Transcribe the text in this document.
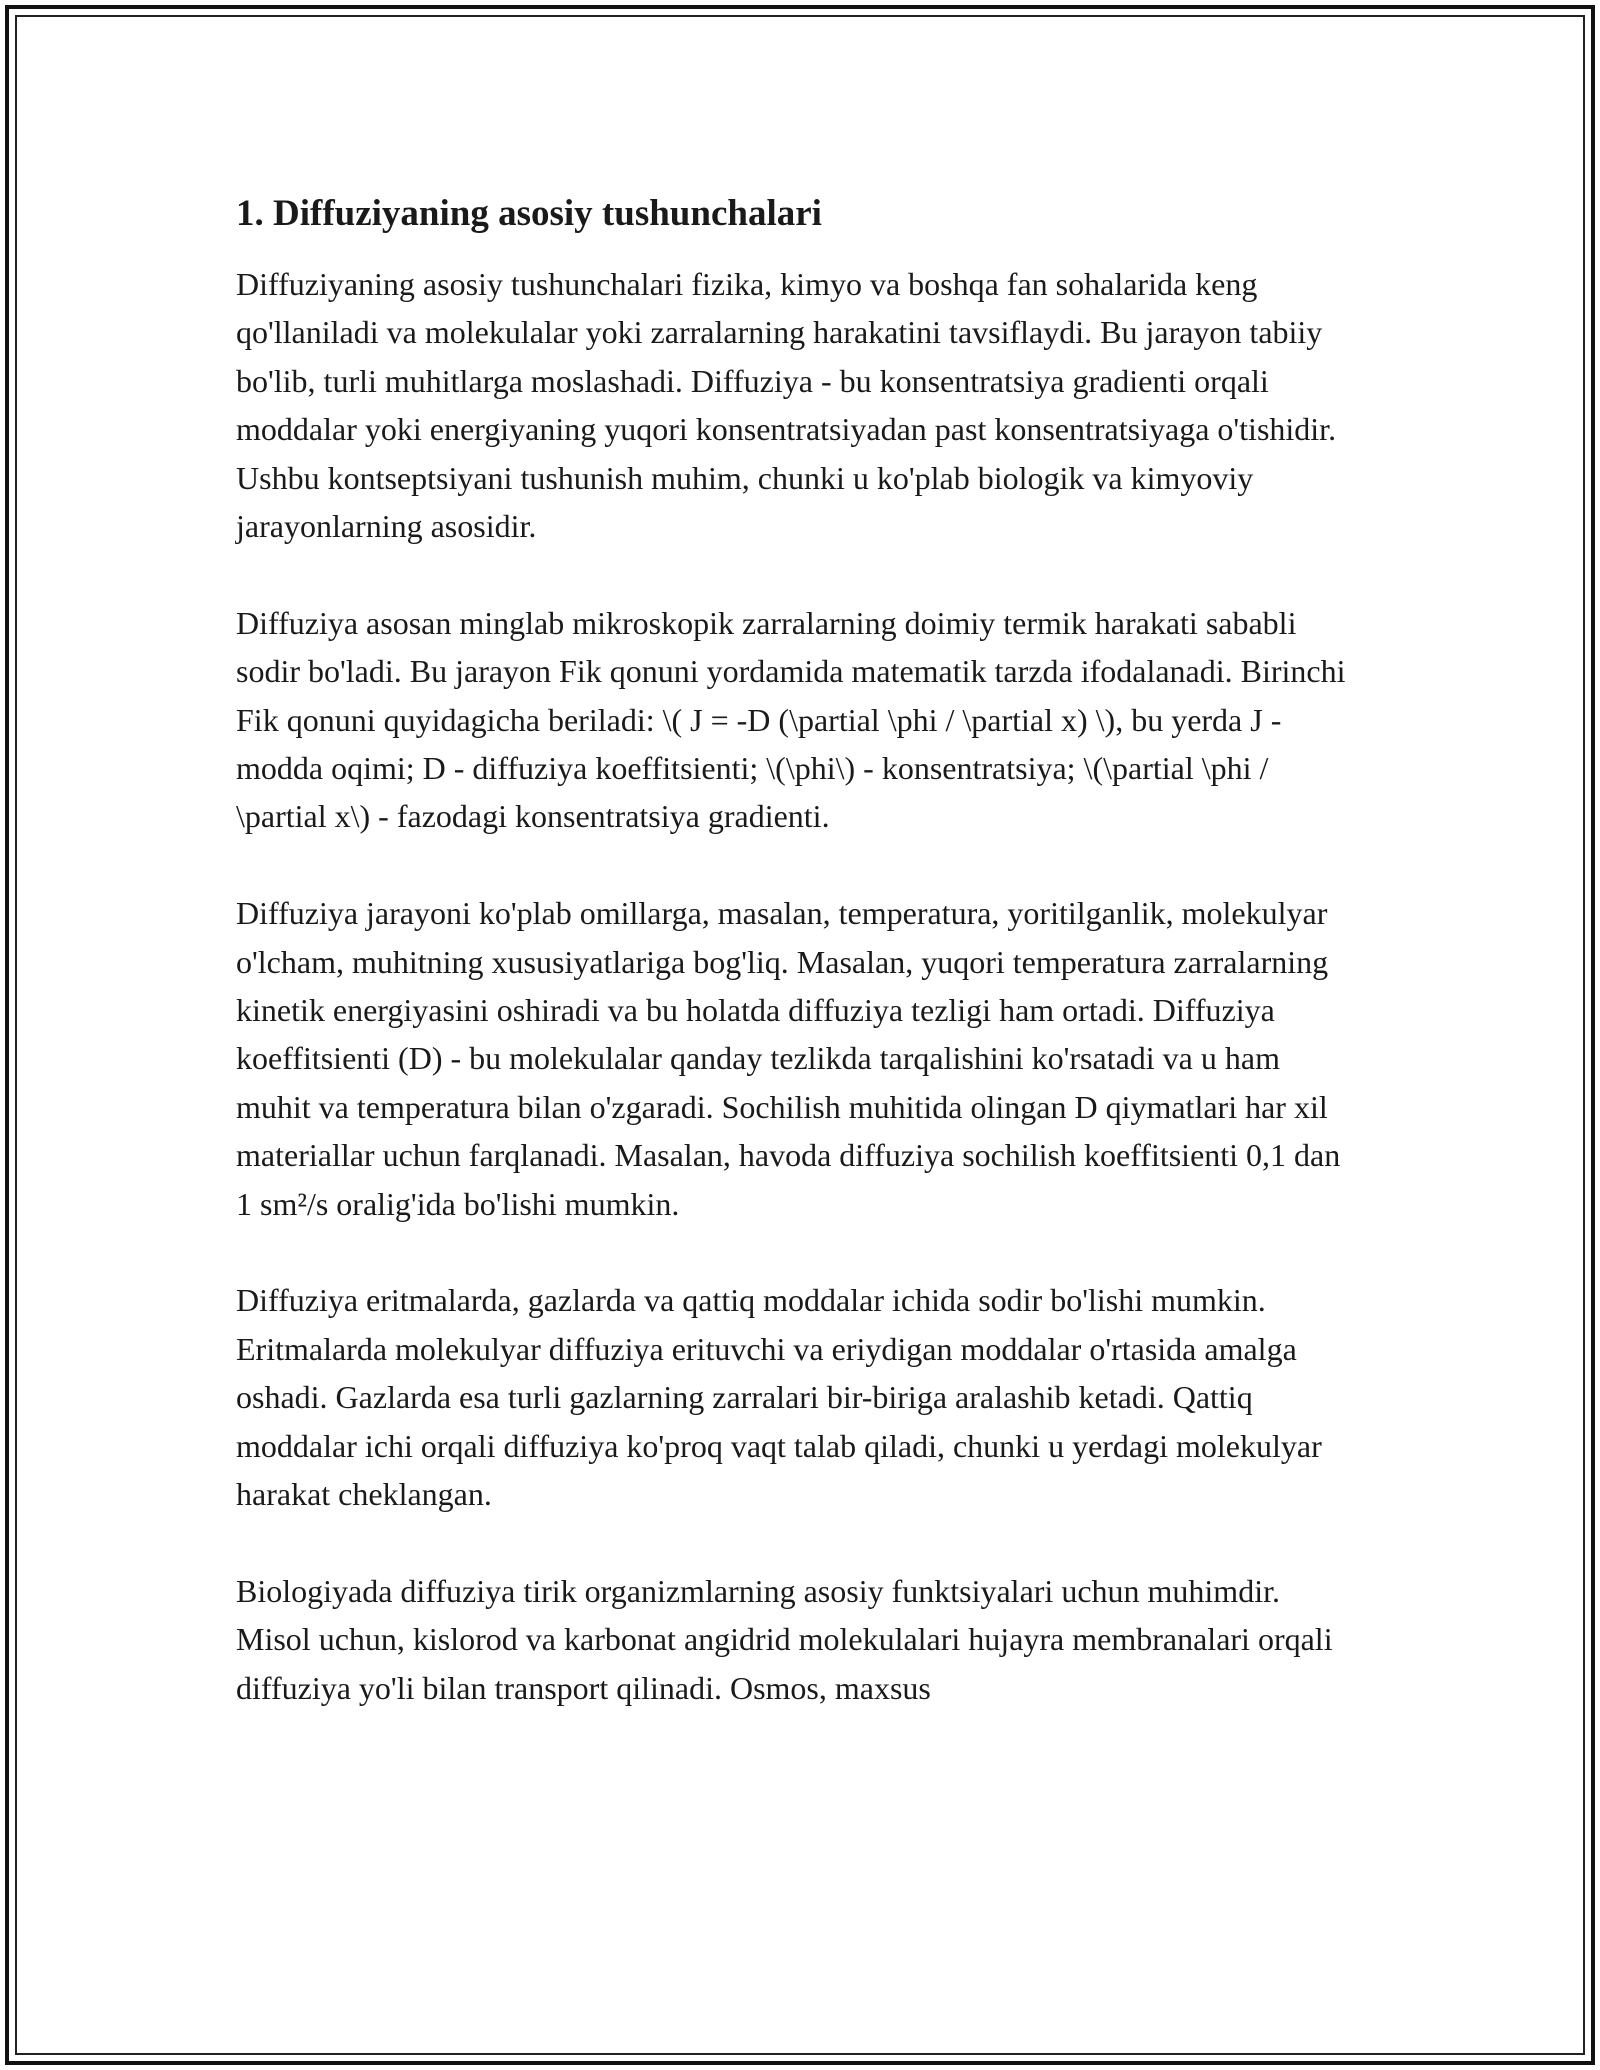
1. Diffuziyaning asosiy tushunchalari

Diffuziyaning asosiy tushunchalari fizika, kimyo va boshqa fan sohalarida keng qo'llaniladi va molekulalar yoki zarralarning harakatini tavsiflaydi. Bu jarayon tabiiy bo'lib, turli muhitlarga moslashadi. Diffuziya - bu konsentratsiya gradienti orqali moddalar yoki energiyaning yuqori konsentratsiyadan past konsentratsiyaga o'tishidir. Ushbu kontseptsiyani tushunish muhim, chunki u ko'plab biologik va kimyoviy jarayonlarning asosidir.

Diffuziya asosan minglab mikroskopik zarralarning doimiy termik harakati sababli sodir bo'ladi. Bu jarayon Fik qonuni yordamida matematik tarzda ifodalanadi. Birinchi Fik qonuni quyidagicha beriladi: \( J = -D (\partial \phi / \partial x) \), bu yerda J - modda oqimi; D - diffuziya koeffitsienti; \(\phi\) - konsentratsiya; \(\partial \phi / \partial x\) - fazodagi konsentratsiya gradienti.

Diffuziya jarayoni ko'plab omillarga, masalan, temperatura, yoritilganlik, molekulyar o'lcham, muhitning xususiyatlariga bog'liq. Masalan, yuqori temperatura zarralarning kinetik energiyasini oshiradi va bu holatda diffuziya tezligi ham ortadi. Diffuziya koeffitsienti (D) - bu molekulalar qanday tezlikda tarqalishini ko'rsatadi va u ham muhit va temperatura bilan o'zgaradi. Sochilish muhitida olingan D qiymatlari har xil materiallar uchun farqlanadi. Masalan, havoda diffuziya sochilish koeffitsienti 0,1 dan 1 sm²/s oralig'ida bo'lishi mumkin.

Diffuziya eritmalarda, gazlarda va qattiq moddalar ichida sodir bo'lishi mumkin. Eritmalarda molekulyar diffuziya erituvchi va eriydigan moddalar o'rtasida amalga oshadi. Gazlarda esa turli gazlarning zarralari bir-biriga aralashib ketadi. Qattiq moddalar ichi orqali diffuziya ko'proq vaqt talab qiladi, chunki u yerdagi molekulyar harakat cheklangan.

Biologiyada diffuziya tirik organizmlarning asosiy funktsiyalari uchun muhimdir. Misol uchun, kislorod va karbonat angidrid molekulalari hujayra membranalari orqali diffuziya yo'li bilan transport qilinadi. Osmos, maxsus
